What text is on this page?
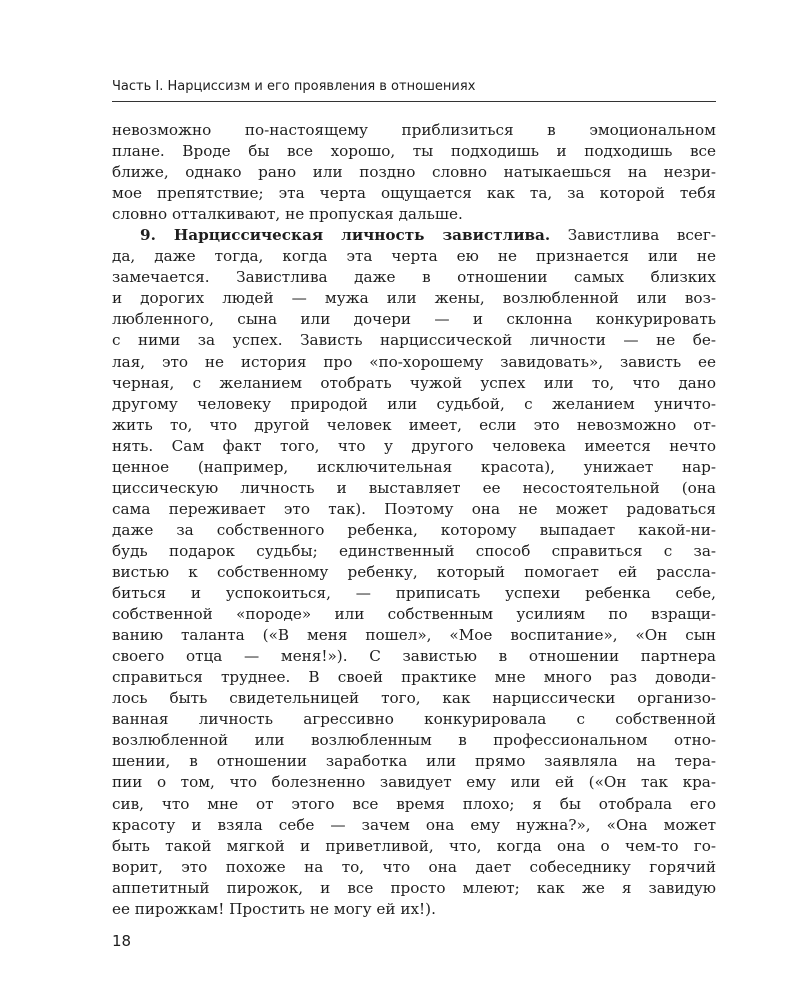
Часть I. Нарциссизм и его проявления в отношениях
невозможно по-настоящему приблизиться в эмоциональном
плане. Вроде бы все хорошо, ты подходишь и подходишь все
ближе, однако рано или поздно словно натыкаешься на незри-
мое препятствие; эта черта ощущается как та, за которой тебя
словно отталкивают, не пропуская дальше.
9. Нарциссическая личность завистлива. Завистлива всег-
да, даже тогда, когда эта черта ею не признается или не
замечается. Завистлива даже в отношении самых близких
и дорогих людей — мужа или жены, возлюбленной или воз-
любленного, сына или дочери — и склонна конкурировать
с ними за успех. Зависть нарциссической личности — не бе-
лая, это не история про «по-хорошему завидовать», зависть ее
черная, с желанием отобрать чужой успех или то, что дано
другому человеку природой или судьбой, с желанием уничто-
жить то, что другой человек имеет, если это невозможно от-
нять. Сам факт того, что у другого человека имеется нечто
ценное (например, исключительная красота), унижает нар-
циссическую личность и выставляет ее несостоятельной (она
сама переживает это так). Поэтому она не может радоваться
даже за собственного ребенка, которому выпадает какой-ни-
будь подарок судьбы; единственный способ справиться с за-
вистью к собственному ребенку, который помогает ей расслa-
биться и успокоиться, — приписать успехи ребенка себе,
собственной «породе» или собственным усилиям по взращи-
ванию таланта («В меня пошел», «Мое воспитание», «Он сын
своего отца — меня!»). С завистью в отношении партнера
справиться труднее. В своей практике мне много раз доводи-
лось быть свидетельницей того, как нарциссически организо-
ванная личность агрессивно конкурировала с собственной
возлюбленной или возлюбленным в профессиональном отно-
шении, в отношении заработка или прямо заявляла на тера-
пии о том, что болезненно завидует ему или ей («Он так кра-
сив, что мне от этого все время плохо; я бы отобрала его
красоту и взяла себе — зачем она ему нужна?», «Она может
быть такой мягкой и приветливой, что, когда она о чем-то го-
ворит, это похоже на то, что она дает собеседнику горячий
аппетитный пирожок, и все просто млеют; как же я завидую
ее пирожкам! Простить не могу ей их!).
18
